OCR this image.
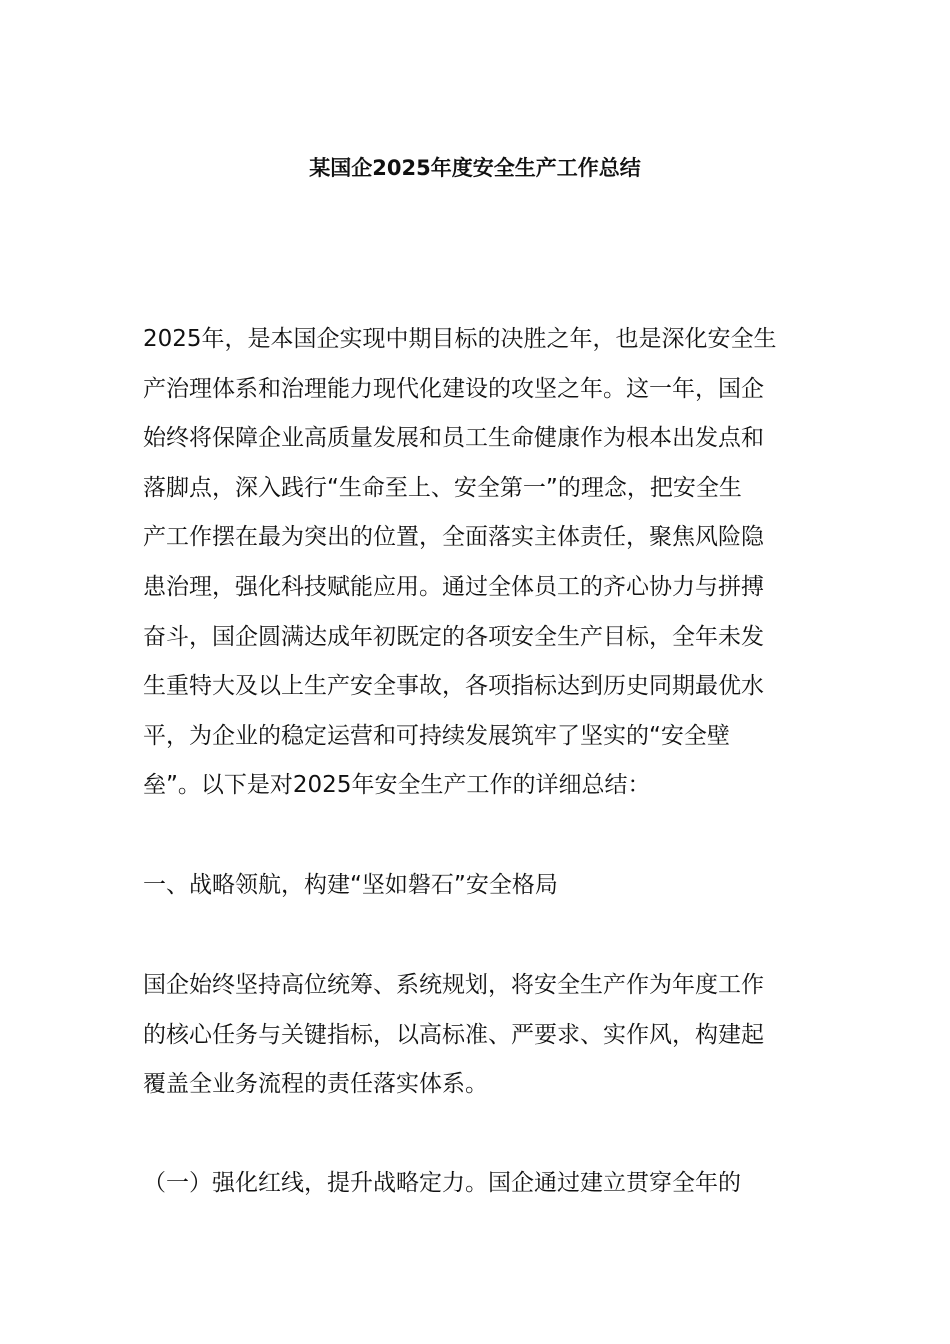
某国企2025年度安全生产工作总结
2025年，是本国企实现中期目标的决胜之年，也是深化安全生
产治理体系和治理能力现代化建设的攻坚之年。这一年，国企
始终将保障企业高质量发展和员工生命健康作为根本出发点和
落脚点，深入践行“生命至上、安全第一”的理念，把安全生
产工作摆在最为突出的位置，全面落实主体责任，聚焦风险隐
患治理，强化科技赋能应用。通过全体员工的齐心协力与拼搏
奋斗，国企圆满达成年初既定的各项安全生产目标，全年未发
生重特大及以上生产安全事故，各项指标达到历史同期最优水
平，为企业的稳定运营和可持续发展筑牢了坚实的“安全壁
垒”。以下是对2025年安全生产工作的详细总结：
一、战略领航，构建“坚如磐石”安全格局
国企始终坚持高位统筹、系统规划，将安全生产作为年度工作
的核心任务与关键指标，以高标准、严要求、实作风，构建起
覆盖全业务流程的责任落实体系。
（一）强化红线，提升战略定力。国企通过建立贯穿全年的
